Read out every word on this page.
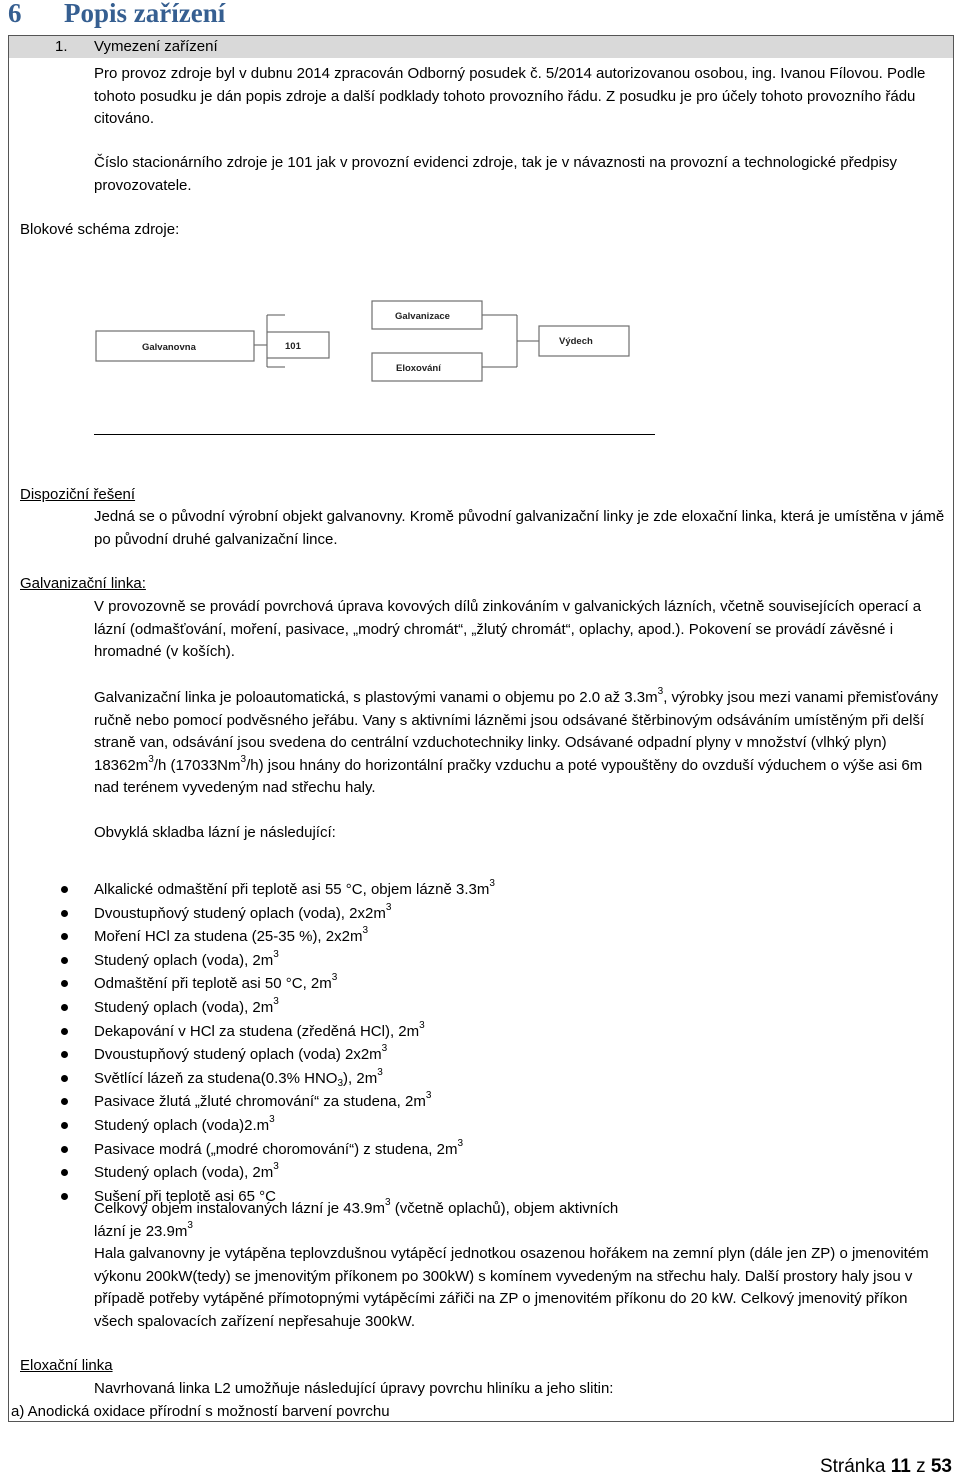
6 Popis zařízení
1. Vymezení zařízení

Pro provoz zdroje byl v dubnu 2014 zpracován Odborný posudek č. 5/2014 autorizovanou osobou, ing. Ivanou Fílovou. Podle tohoto posudku je dán popis zdroje a další podklady tohoto provozního řádu. Z posudku je pro účely tohoto provozního řádu citováno.

Číslo stacionárního zdroje je 101 jak v provozní evidenci zdroje, tak je v návaznosti na provozní a technologické předpisy provozovatele.

Blokové schéma zdroje:

Galvanovna	101
Galvanizace
Eloxování
Výdech

Dispoziční řešení

Jedná se o původní výrobní objekt galvanovny. Kromě původní galvanizační linky je zde eloxační linka, která je umístěna v jámě po původní druhé galvanizační lince.

Galvanizační linka:

V provozovně se provádí povrchová úprava kovových dílů zinkováním v galvanických lázních, včetně souvisejících operací a lázní (odmašťování, moření, pasivace, „modrý chromát“, „žlutý chromát“, oplachy, apod.). Pokovení se provádí závěsné i hromadné (v koších).

Galvanizační linka je poloautomatická, s plastovými vanami o objemu po 2.0 až $3.3m^3$, výrobky jsou mezi vanami přemisťovány ručně nebo pomocí podvěsného jeřábu. Vany s aktivními lázněmi jsou odsávané štěrbinovým odsáváním umístěným při delší straně van, odsávání jsou svedena do centrální vzduchotechniky linky. Odsávané odpadní plyny v množství (vlhký plyn) $18362m^3/h$ (17033Nm$^3$/h) jsou hnány do horizontální pračky vzduchu a poté vypouštěny do ovzduší výduchem o výše asi 6m nad terénem vyvedeným nad střechu haly.

Obvyklá skladba lázní je následující:

Alkalické odmaštění při teplotě asi 55 °C, objem lázně $3.3m^3$
Dvoustupňový studený oplach (voda), $2x2m^3$
Moření HCl za studena (25-35 %), $2x2m^3$
Studený oplach (voda), $2m^3$
Odmaštění při teplotě asi 50 °C, $2m^3$
Studený oplach (voda), $2m^3$
Dekapování v HCl za studena (zředěná HCl), $2m^3$
Dvoustupňový studený oplach (voda) $2x2m^3$
Světlící lázeň za studena(0.3% $HNO_3$), $2m^3$
Pasivace žlutá „žluté chromování“ za studena, $2m^3$
Studený oplach $(voda)2.m^3$
Pasivace modrá („modré choromování“) z studena, $2m^3$
Studený oplach (voda), $2m^3$
Sušení při teplotě asi 65 °C

Celkový objem instalovaných lázní je $43.9m^3$ (včetně oplachů), objem aktivních
lázní je $23.9m^3$

Hala galvanovny je vytápěna teplovzdušnou vytápěcí jednotkou osazenou hořákem na zemní plyn (dále jen ZP) o jmenovitém výkonu 200kW(tedy) se jmenovitým příkonem po 300kW) s komínem vyvedeným na střechu haly. Další prostory haly jsou v případě potřeby vytápěné přímotopnými vytápěcími zářiči na ZP o jmenovitém příkonu do 20 kW. Celkový jmenovitý příkon všech spalovacích zařízení nepřesahuje 300kW.

Eloxační linka

Navrhovaná linka L2 umožňuje následující úpravy povrchu hliníku a jeho slitin:

a) Anodická oxidace přírodní s možností barvení povrchu

Stránka 11 z 53
